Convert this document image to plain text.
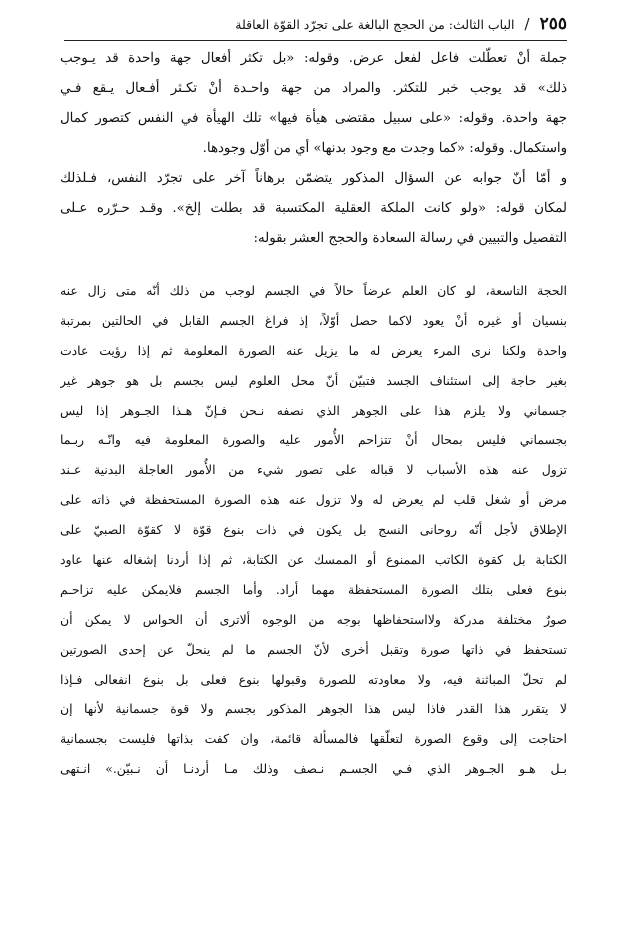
٢٥٥
/
الباب الثالث: من الحجج البالغة على تجرّد القوّة العاقلة
جملة أنْ تعطّلت فاعل لفعل عرض. وقوله: «بل تكثر أفعال جهة واحدة قد يـوجب
ذلك» قد يوجب خبر للتكثر. والمراد من جهة واحـدة أنْ تكـثر أفـعال يـقع فـي
جهة واحدة. وقوله: «على سبيل مقتضى هيأة فيها» تلك الهيأة في النفس كتصور كمال
واستكمال. وقوله: «كما وجدت مع وجود بدنها» أي من أوّل وجودها.
و أمّا أنّ جوابه عن السؤال المذكور يتضمّن برهاناً آخر على تجرّد النفس، فـلذلك
لمكان قوله: «ولو كانت الملكة العقلية المكتسبة قد بطلت إلخ». وقـد حـرّره عـلى
التفصيل والتبيين في رسالة السعادة والحجج العشر بقوله:
الحجة التاسعة، لو كان العلم عرضاً حالاً في الجسم لوجب من ذلك أنّه متى زال عنه
بنسيان أو غيره أنْ يعود لاكما حصل أوّلاً، إذ فراغ الجسم القابل في الحالتين بمرتبة
واحدة ولكنا نرى المرء يعرض له ما يزيل عنه الصورة المعلومة ثم إذا رؤيت عادت
بغير حاجة إلى استئناف الجسد فتبيّن أنّ محل العلوم ليس بجسم بل هو جوهر غير
جسماني ولا يلزم هذا على الجوهر الذي نصفه نـحن فـإنّ هـذا الجـوهر إذا ليس
بجسماني فليس بمحال أنْ تتزاحم الأُمور عليه والصورة المعلومة فيه وانّـه ربـما
تزول عنه هذه الأسباب لا قباله على تصور شيء من الأُمور العاجلة البدنية عـند
مرض أو شغل قلب لم يعرض له ولا تزول عنه هذه الصورة المستحفظة في ذاته على
الإطلاق لأجل أنّه روحانى النسج بل يكون في ذات بنوع قوّة لا كقوّة الصبيّ على
الكتابة بل كقوة الكاتب الممنوع أو الممسك عن الكتابة، ثم إذا أردنا إشغاله عنها عاود
بنوع فعلى بتلك الصورة المستحفظة مهما أراد. وأما الجسم فلايمكن عليه تزاحـم
صورٌ مختلفة مدركة ولااستحفاظها بوجه من الوجوه ألاترى أن الحواس لا يمكن أن
تستحفظ في ذاتها صورة وتقبل أخرى لأنّ الجسم ما لم ينحلّ عن إحدى الصورتين
لم تحلّ المباثنة فيه، ولا معاودته للصورة وقبولها بنوع فعلى بل بنوع انفعالى فـإذا
لا يتقرر هذا القدر فاذا ليس هذا الجوهر المذكور بجسم ولا قوة جسمانية لأنها إن
احتاجت إلى وقوع الصورة لتعلّقها فالمسألة قائمة، وان كفت بذاتها فليست بجسمانية
بـل هـو الجـوهر الذي فـي الجسـم نـصف وذلك مـا أردنـا أن نـبيّن.» انـتهى
